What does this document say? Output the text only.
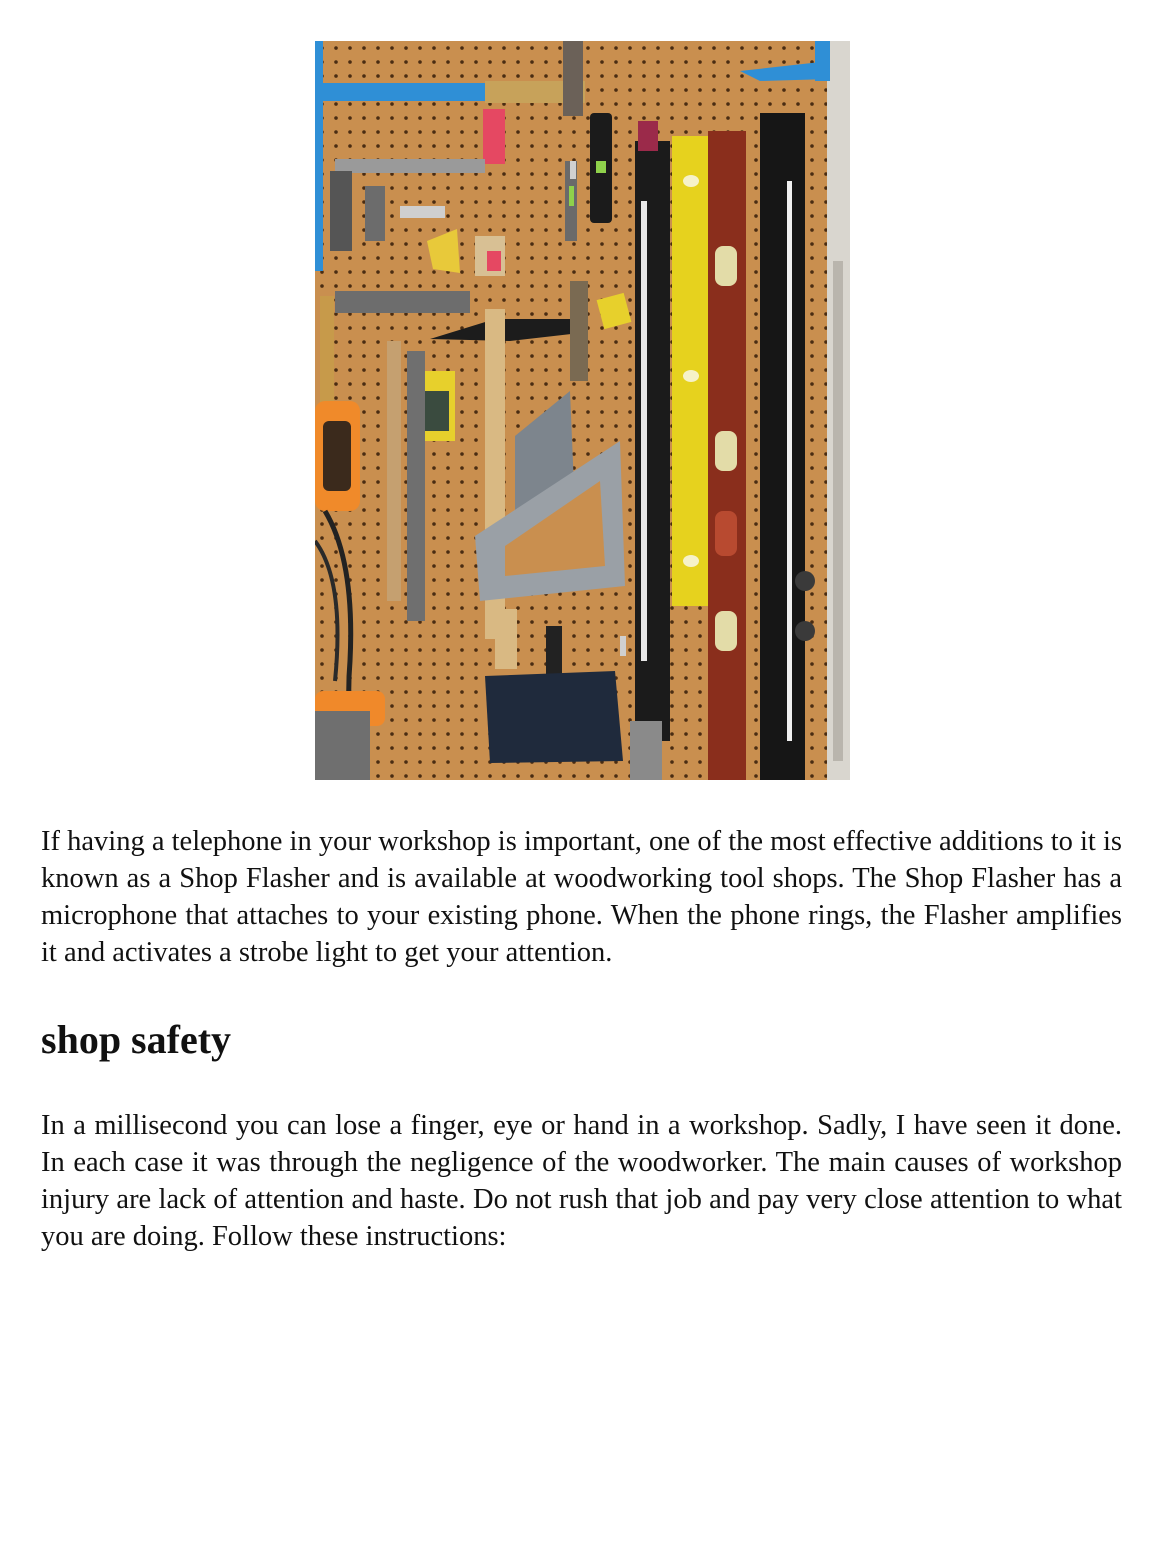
If having a telephone in your workshop is important, one of the most effective additions to it is known as a Shop Flasher and is available at woodworking tool shops. The Shop Flasher has a microphone that attaches to your existing phone. When the phone rings, the Flasher amplifies it and activates a strobe light to get your attention.

shop safety

In a millisecond you can lose a finger, eye or hand in a workshop. Sadly, I have seen it done. In each case it was through the negligence of the woodworker. The main causes of workshop injury are lack of attention and haste. Do not rush that job and pay very close attention to what you are doing. Follow these instructions:
